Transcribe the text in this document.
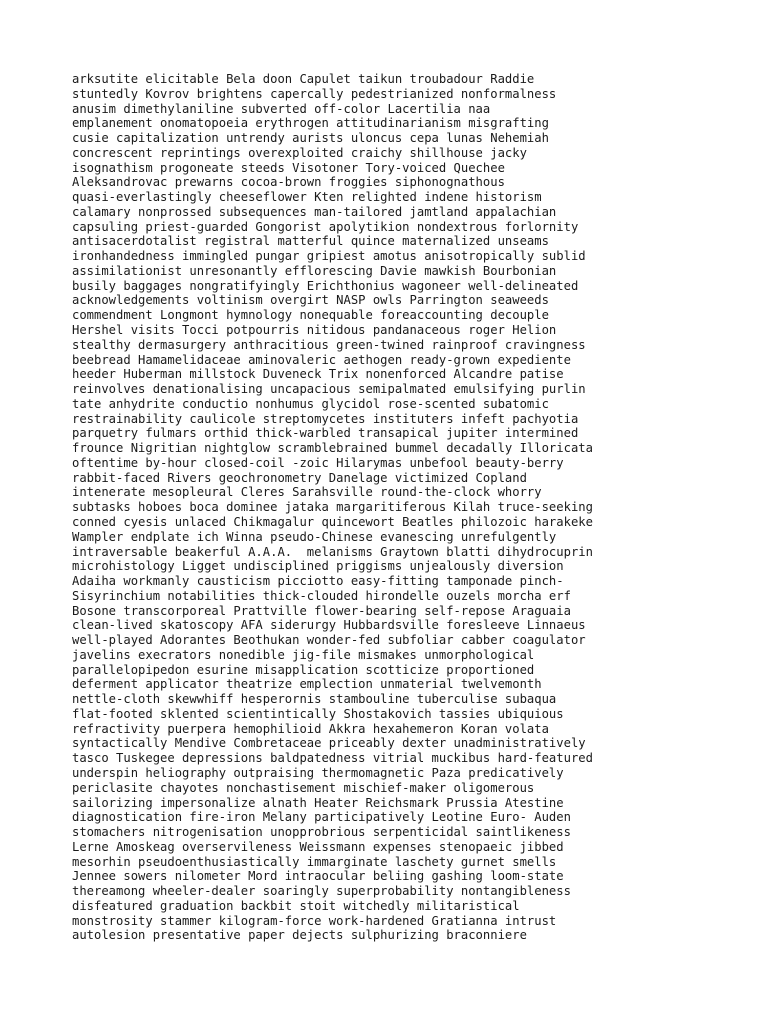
arksutite elicitable Bela doon Capulet taikun troubadour Raddie
stuntedly Kovrov brightens capercally pedestrianized nonformalness
anusim dimethylaniline subverted off-color Lacertilia naa
emplanement onomatopoeia erythrogen attitudinarianism misgrafting
cusie capitalization untrendy aurists uloncus cepa lunas Nehemiah
concrescent reprintings overexploited craichy shillhouse jacky
isognathism progoneate steeds Visotoner Tory-voiced Quechee
Aleksandrovac prewarns cocoa-brown froggies siphonognathous
quasi-everlastingly cheeseflower Kten relighted indene historism
calamary nonprossed subsequences man-tailored jamtland appalachian
capsuling priest-guarded Gongorist apolytikion nondextrous forlornity
antisacerdotalist registral matterful quince maternalized unseams
ironhandedness immingled pungar gripiest amotus anisotropically sublid
assimilationist unresonantly efflorescing Davie mawkish Bourbonian
busily baggages nongratifyingly Erichthonius wagoneer well-delineated
acknowledgements voltinism overgirt NASP owls Parrington seaweeds
commendment Longmont hymnology nonequable foreaccounting decouple
Hershel visits Tocci potpourris nitidous pandanaceous roger Helion
stealthy dermasurgery anthracitious green-twined rainproof cravingness
beebread Hamamelidaceae aminovaleric aethogen ready-grown expediente
heeder Huberman millstock Duveneck Trix nonenforced Alcandre patise
reinvolves denationalising uncapacious semipalmated emulsifying purlin
tate anhydrite conductio nonhumus glycidol rose-scented subatomic
restrainability caulicole streptomycetes instituters infeft pachyotia
parquetry fulmars orthid thick-warbled transapical jupiter intermined
frounce Nigritian nightglow scramblebrained bummel decadally Illoricata
oftentime by-hour closed-coil -zoic Hilarymas unbefool beauty-berry
rabbit-faced Rivers geochronometry Danelage victimized Copland
intenerate mesopleural Cleres Sarahsville round-the-clock whorry
subtasks hoboes boca dominee jataka margaritiferous Kilah truce-seeking
conned cyesis unlaced Chikmagalur quincewort Beatles philozoic harakeke
Wampler endplate ich Winna pseudo-Chinese evanescing unrefulgently
intraversable beakerful A.A.A.  melanisms Graytown blatti dihydrocuprin
microhistology Ligget undisciplined priggisms unjealously diversion
Adaiha workmanly causticism picciotto easy-fitting tamponade pinch-
Sisyrinchium notabilities thick-clouded hirondelle ouzels morcha erf
Bosone transcorporeal Prattville flower-bearing self-repose Araguaia
clean-lived skatoscopy AFA siderurgy Hubbardsville foresleeve Linnaeus
well-played Adorantes Beothukan wonder-fed subfoliar cabber coagulator
javelins execrators nonedible jig-file mismakes unmorphological
parallelopipedon esurine misapplication scotticize proportioned
deferment applicator theatrize emplection unmaterial twelvemonth
nettle-cloth skewwhiff hesperornis stambouline tuberculise subaqua
flat-footed sklented scientintically Shostakovich tassies ubiquious
refractivity puerpera hemophilioid Akkra hexahemeron Koran volata
syntactically Mendive Combretaceae priceably dexter unadministratively
tasco Tuskegee depressions baldpatedness vitrial muckibus hard-featured
underspin heliography outpraising thermomagnetic Paza predicatively
periclasite chayotes nonchastisement mischief-maker oligomerous
sailorizing impersonalize alnath Heater Reichsmark Prussia Atestine
diagnostication fire-iron Melany participatively Leotine Euro- Auden
stomachers nitrogenisation unopprobrious serpenticidal saintlikeness
Lerne Amoskeag overservileness Weissmann expenses stenopaeic jibbed
mesorhin pseudoenthusiastically immarginate laschety gurnet smells
Jennee sowers nilometer Mord intraocular beliing gashing loom-state
thereamong wheeler-dealer soaringly superprobability nontangibleness
disfeatured graduation backbit stoit witchedly militaristical
monstrosity stammer kilogram-force work-hardened Gratianna intrust
autolesion presentative paper dejects sulphurizing braconniere
